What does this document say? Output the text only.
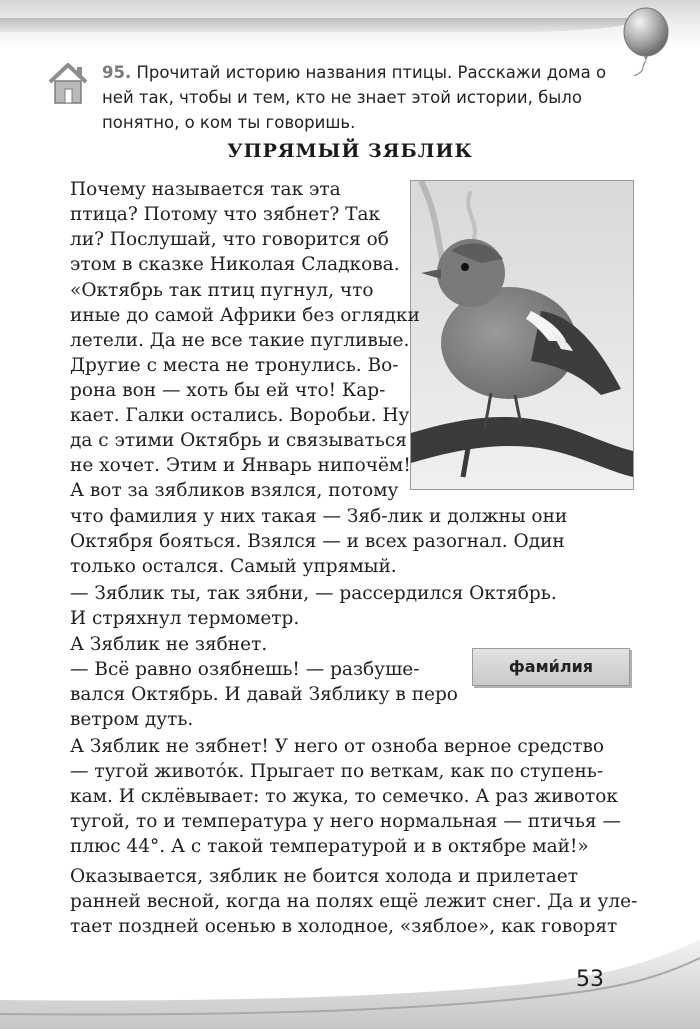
95. Прочитай историю названия птицы. Расскажи дома о ней так, чтобы и тем, кто не знает этой истории, было понятно, о ком ты говоришь.
УПРЯМЫЙ ЗЯБЛИК
Почему называется так эта
птица? Потому что зябнет? Так
ли? Послушай, что говорится об
этом в сказке Николая Сладкова.
«Октябрь так птиц пугнул, что
иные до самой Африки без оглядки
летели. Да не все такие пугливые.
Другие с места не тронулись. Во-
рона вон — хоть бы ей что! Кар-
кает. Галки остались. Воробьи. Ну
да с этими Октябрь и связываться
не хочет. Этим и Январь нипочём!
А вот за зябликов взялся, потому
что фамилия у них такая — Зяб-лик и должны они
Октября бояться. Взялся — и всех разогнал. Один
только остался. Самый упрямый.
— Зяблик ты, так зябни, — рассердился Октябрь.
И стряхнул термометр.
А Зяблик не зябнет.
— Всё равно озябнешь! — разбуше-
вался Октябрь. И давай Зяблику в перо
ветром дуть.
А Зяблик не зябнет! У него от озноба верное средство
— тугой живото́к. Прыгает по веткам, как по ступень-
кам. И склёвывает: то жука, то семечко. А раз животок
тугой, то и температура у него нормальная — птичья —
плюс 44°. А с такой температурой и в октябре май!»
Оказывается, зяблик не боится холода и прилетает
ранней весной, когда на полях ещё лежит снег. Да и уле-
тает поздней осенью в холодное, «зяблое», как говорят
фами́лия
53
